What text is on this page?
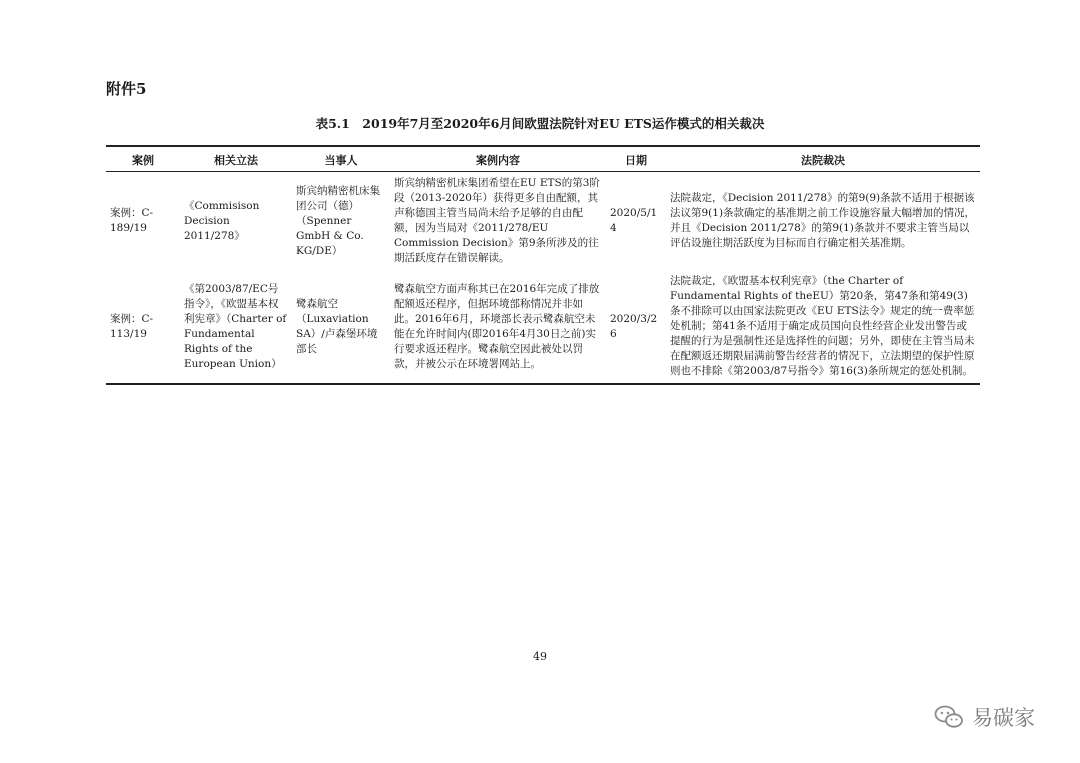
附件5
表5.1　2019年7月至2020年6月间欧盟法院针对EU ETS运作模式的相关裁决
案例	相关立法	当事人	案例内容	日期	法院裁决
案例：C-189/19	《Commisison Decision 2011/278》	斯宾纳精密机床集团公司（德）（Spenner GmbH & Co. KG/DE）	斯宾纳精密机床集团希望在EU ETS的第3阶段（2013-2020年）获得更多自由配额，其声称德国主管当局尚未给予足够的自由配额，因为当局对《2011/278/EU Commission Decision》第9条所涉及的往期活跃度存在错误解读。	2020/5/14	法院裁定，《Decision 2011/278》的第9(9)条款不适用于根据该法议第9(1)条款确定的基准期之前工作设施容量大幅增加的情况，并且《Decision 2011/278》的第9(1)条款并不要求主管当局以评估设施往期活跃度为目标而自行确定相关基准期。
案例：C-113/19	《第2003/87/EC号指令》，《欧盟基本权利宪章》（Charter of Fundamental Rights of the European Union）	鹭森航空（Luxaviation SA）/卢森堡环境部长	鹭森航空方面声称其已在2016年完成了排放配额返还程序，但据环境部称情况并非如此。2016年6月，环境部长表示鹭森航空未能在允许时间内(即2016年4月30日之前)实行要求返还程序。鹭森航空因此被处以罚款，并被公示在环境署网站上。	2020/3/26	法院裁定，《欧盟基本权利宪章》（the Charter of Fundamental Rights of theEU）第20条，第47条和第49(3)条不排除可以由国家法院更改《EU ETS法令》规定的统一费率惩处机制；第41条不适用于确定成员国向良性经营企业发出警告或提醒的行为是强制性还是选择性的问题；另外，即使在主管当局未在配额返还期限届满前警告经营者的情况下，立法期望的保护性原则也不排除《第2003/87号指令》第16(3)条所规定的惩处机制。
49
易碳家
